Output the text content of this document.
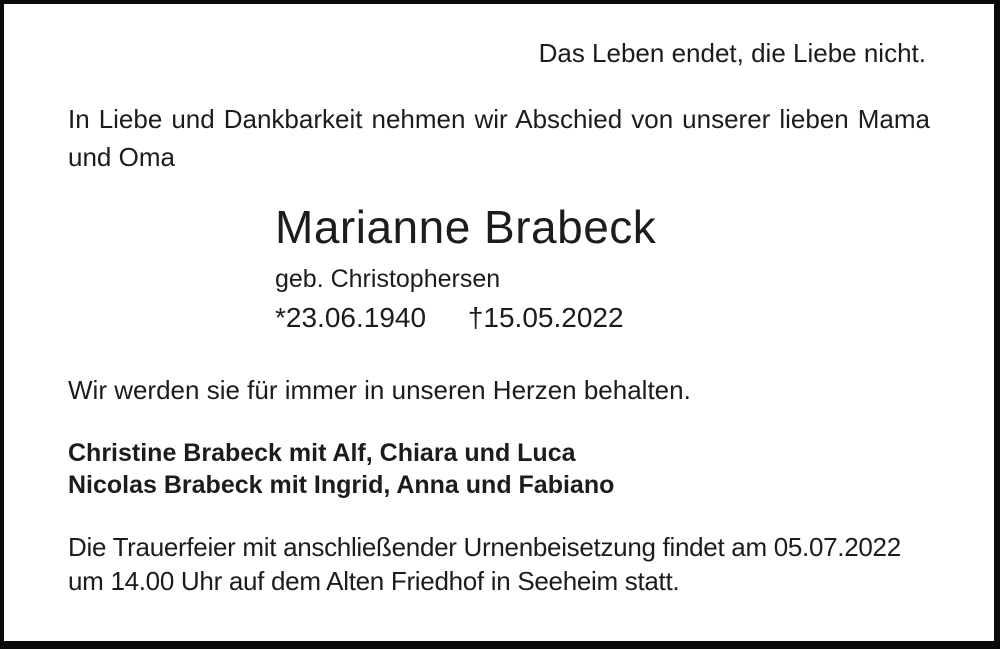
Das Leben endet, die Liebe nicht.
In Liebe und Dankbarkeit nehmen wir Abschied von unserer lieben Mama
und Oma
Marianne Brabeck
geb. Christophersen
*23.06.1940 †15.05.2022
Wir werden sie für immer in unseren Herzen behalten.
Christine Brabeck mit Alf, Chiara und Luca
Nicolas Brabeck mit Ingrid, Anna und Fabiano
Die Trauerfeier mit anschließender Urnenbeisetzung findet am 05.07.2022
um 14.00 Uhr auf dem Alten Friedhof in Seeheim statt.
